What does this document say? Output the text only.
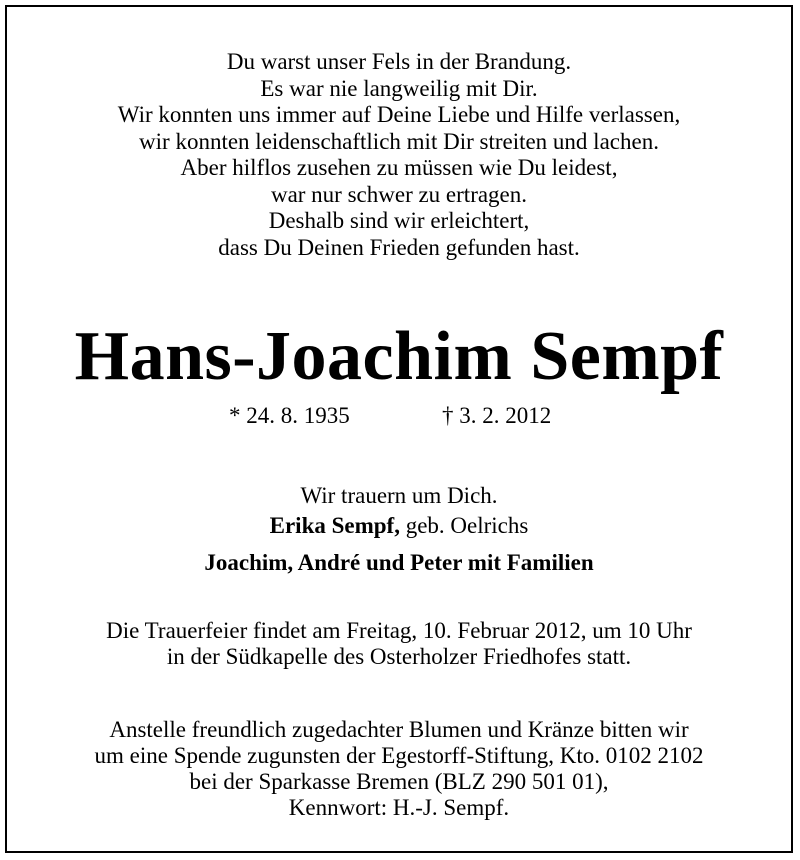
Du warst unser Fels in der Brandung.
Es war nie langweilig mit Dir.
Wir konnten uns immer auf Deine Liebe und Hilfe verlassen,
wir konnten leidenschaftlich mit Dir streiten und lachen.
Aber hilflos zusehen zu müssen wie Du leidest,
war nur schwer zu ertragen.
Deshalb sind wir erleichtert,
dass Du Deinen Frieden gefunden hast.
Hans-Joachim Sempf
* 24. 8. 1935	† 3. 2. 2012
Wir trauern um Dich.
Erika Sempf, geb. Oelrichs
Joachim, André und Peter mit Familien
Die Trauerfeier findet am Freitag, 10. Februar 2012, um 10 Uhr
in der Südkapelle des Osterholzer Friedhofes statt.
Anstelle freundlich zugedachter Blumen und Kränze bitten wir
um eine Spende zugunsten der Egestorff-Stiftung, Kto. 0102 2102
bei der Sparkasse Bremen (BLZ 290 501 01),
Kennwort: H.-J. Sempf.
